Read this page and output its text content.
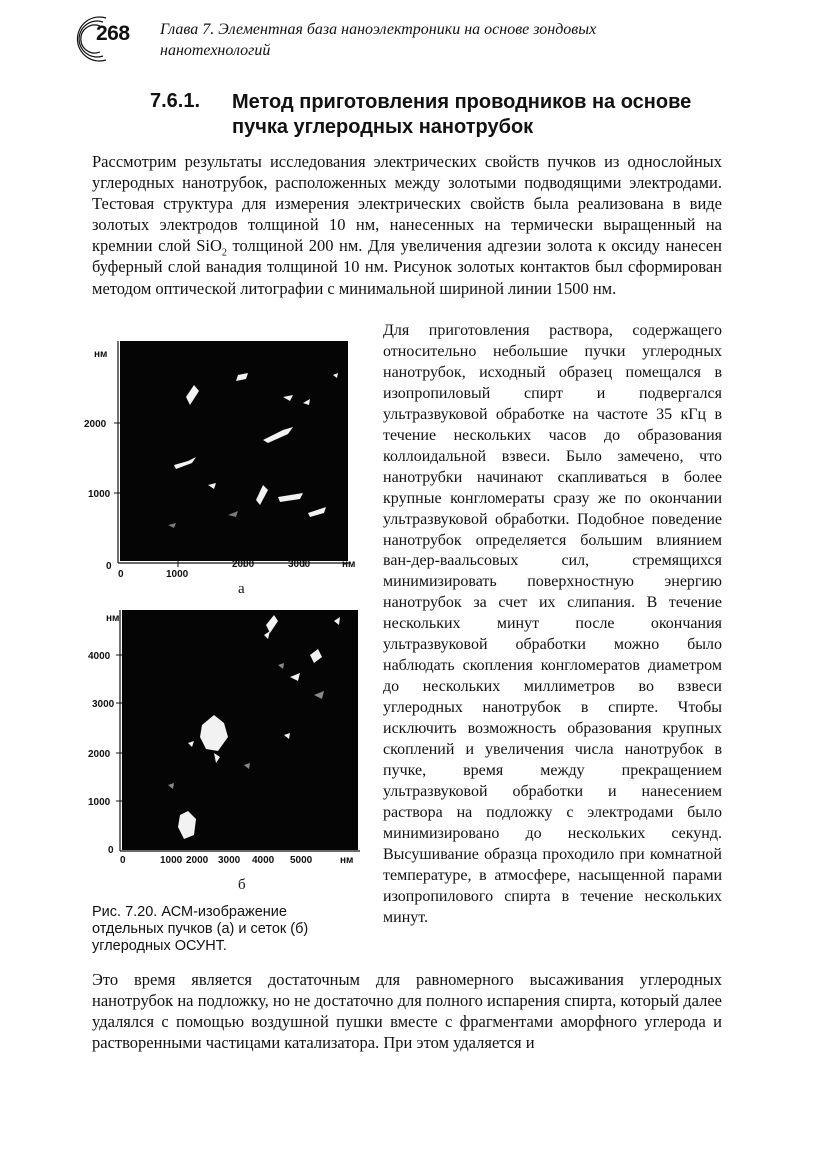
268 Глава 7. Элементная база наноэлектроники на основе зондовых нанотехнологий
7.6.1. Метод приготовления проводников на основе пучка углеродных нанотрубок
Рассмотрим результаты исследования электрических свойств пучков из однослойных углеродных нанотрубок, расположенных между золотыми подводящими электродами. Тестовая структура для измерения электрических свойств была реализована в виде золотых электродов толщиной 10 нм, нанесенных на термически выращенный на кремнии слой SiO$_2$ толщиной 200 нм. Для увеличения адгезии золота к оксиду нанесен буферный слой ванадия толщиной 10 нм. Рисунок золотых контактов был сформирован методом оптической литографии с минимальной шириной линии 1500 нм.
Для приготовления раствора, содержащего относительно небольшие пучки углеродных нанотрубок, исходный образец помещался в изопропиловый спирт и подвергался ультразвуковой обработке на частоте 35 кГц в течение нескольких часов до образования коллоидальной взвеси. Было замечено, что нанотрубки начинают скапливаться в более крупные конгломераты сразу же по окончании ультразвуковой обработки. Подобное поведение нанотрубок определяется большим влиянием ван-дер-ваальсовых сил, стремящихся минимизировать поверхностную энергию нанотрубок за счет их слипания. В течение нескольких минут после окончания ультразвуковой обработки можно было наблюдать скопления конгломератов диаметром до нескольких миллиметров во взвеси углеродных нанотрубок в спирте. Чтобы исключить возможность образования крупных скоплений и увеличения числа нанотрубок в пучке, время между прекращением ультразвуковой обработки и нанесением раствора на подложку с электродами было минимизировано до нескольких секунд. Высушивание образца проходило при комнатной температуре, в атмосфере, насыщенной парами изопропилового спирта в течение нескольких минут.
нм
2000
1000
0
0	1000
2000	3000	нм
а
нм
4000
3000
2000
1000
0
0	1000 2000 3000 4000 5000	нм
б
Рис. 7.20. АСМ-изображение отдельных пучков (а) и сеток (б) углеродных ОСУНТ.
Это время является достаточным для равномерного высаживания углеродных нанотрубок на подложку, но не достаточно для полного испарения спирта, который далее удалялся с помощью воздушной пушки вместе с фрагментами аморфного углерода и растворенными частицами катализатора. При этом удаляется и
